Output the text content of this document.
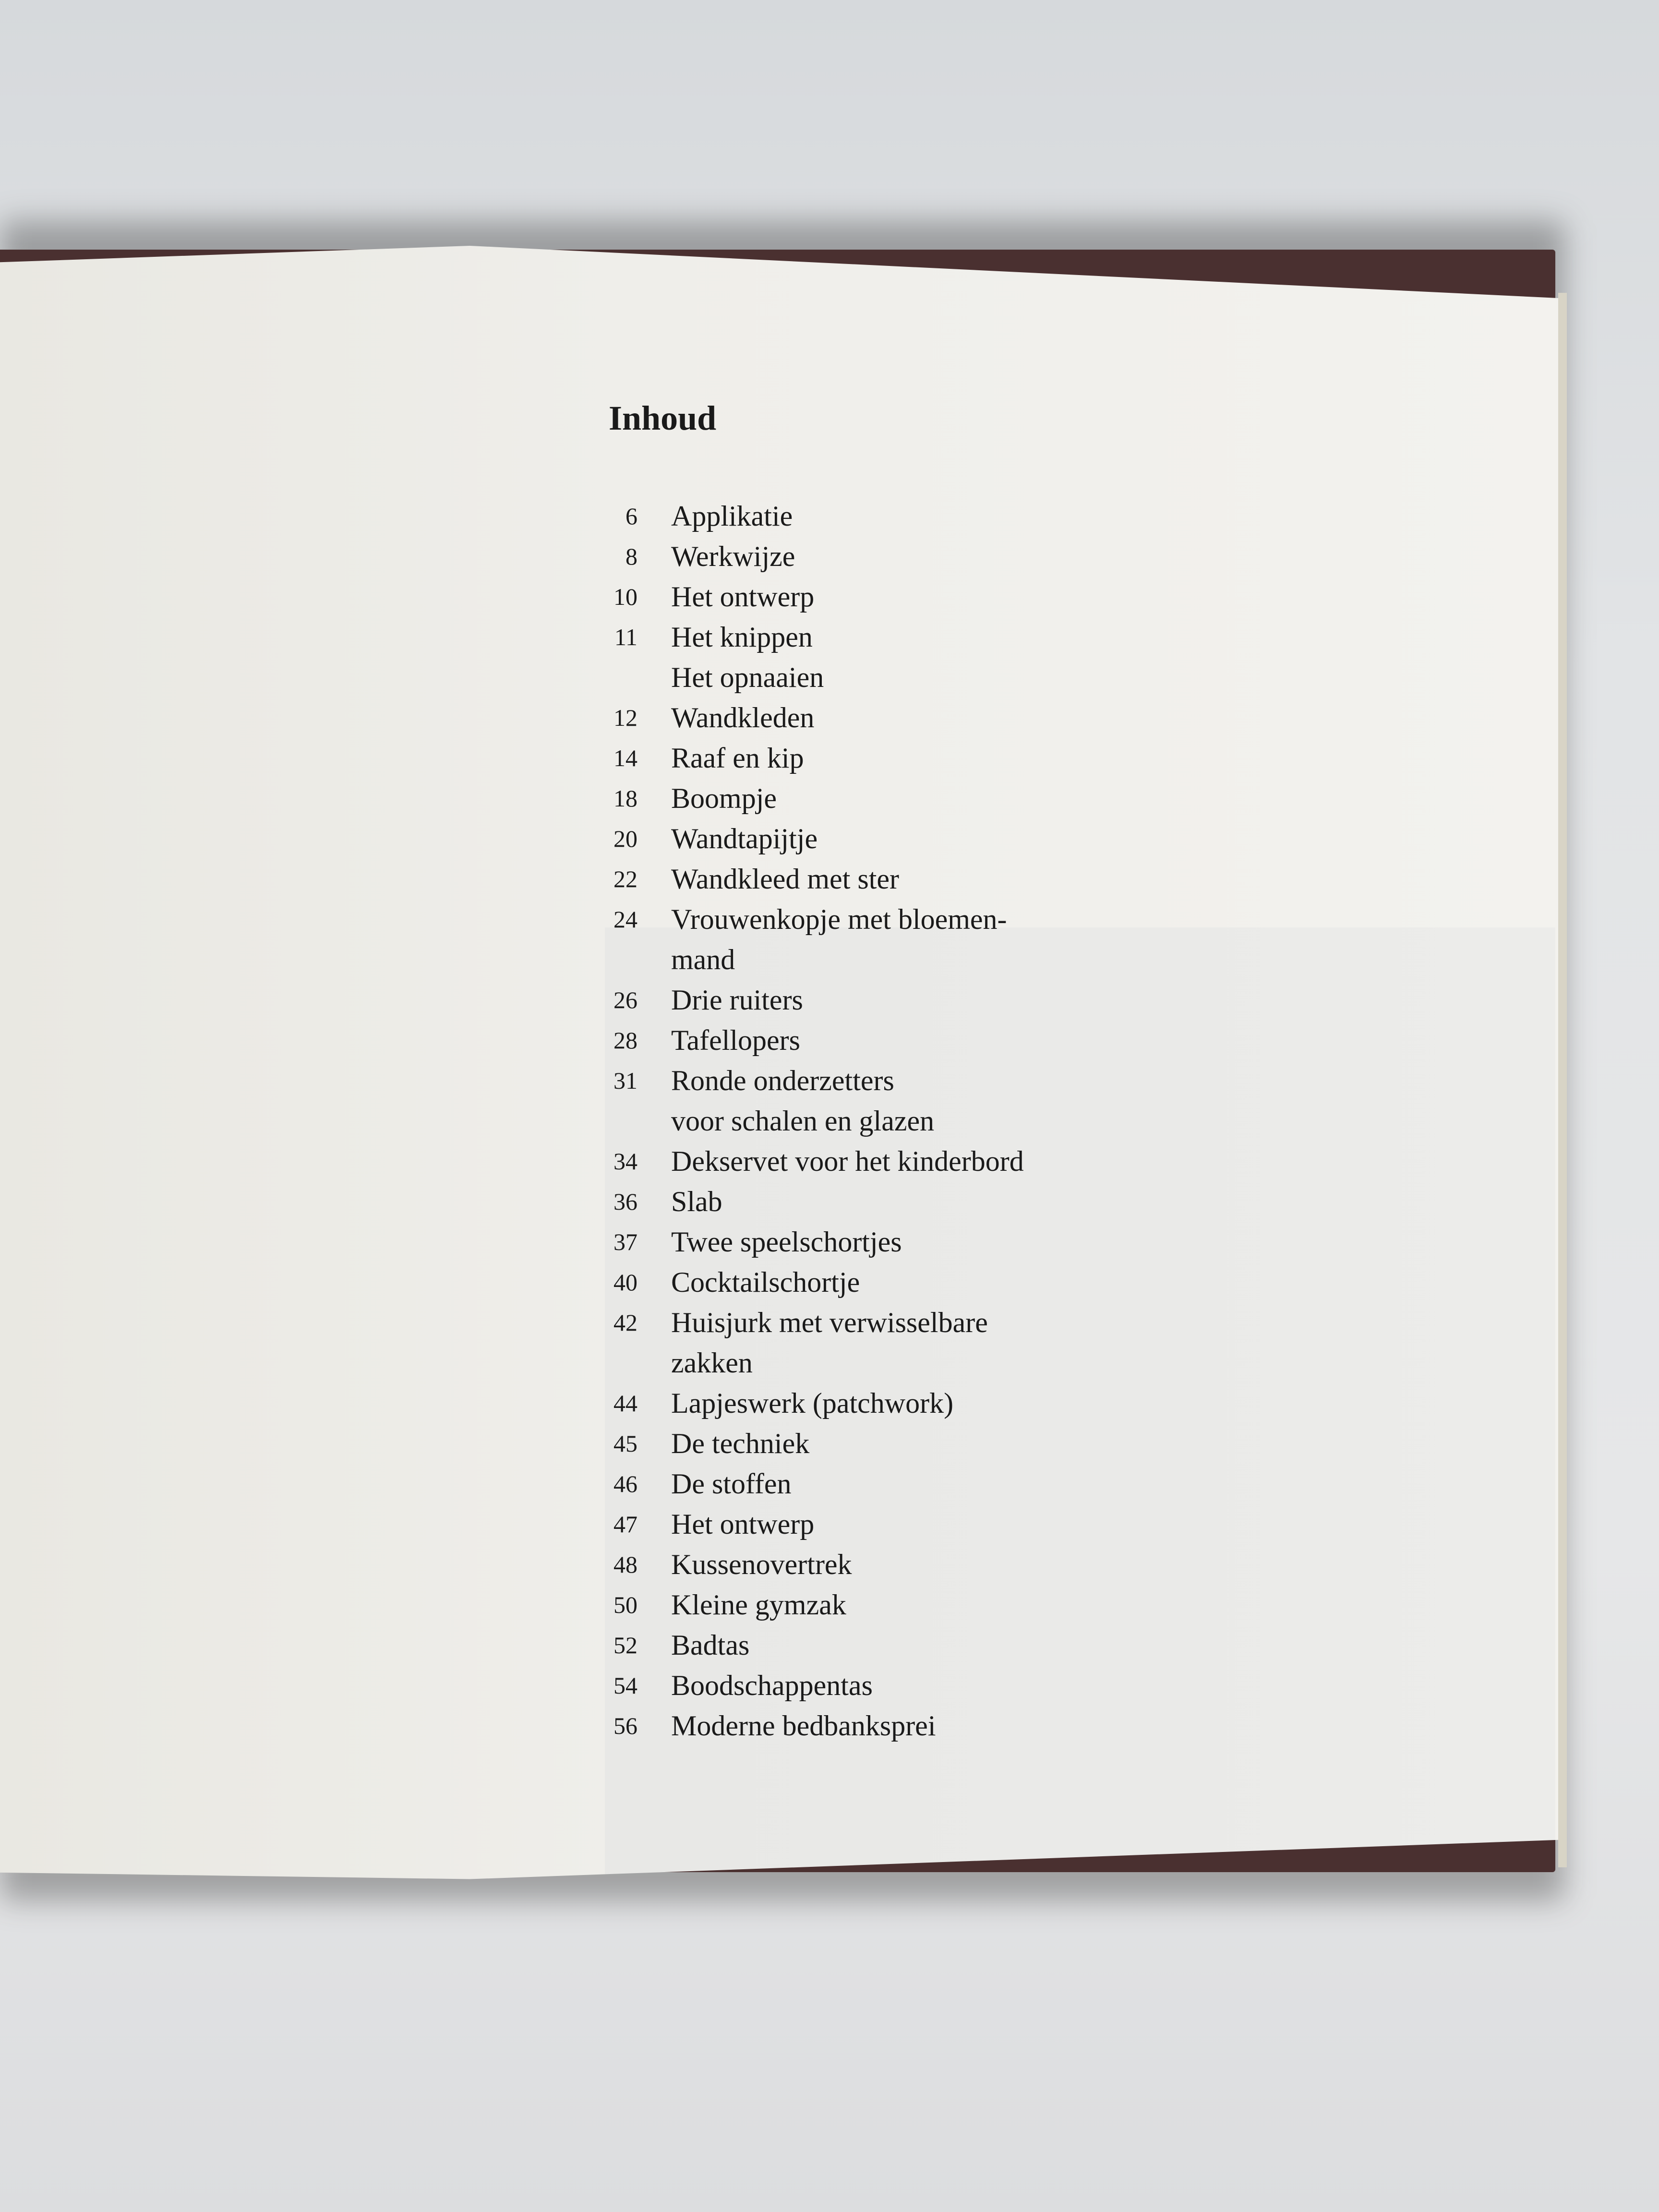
Inhoud
6 Applikatie
8 Werkwijze
10 Het ontwerp
11 Het knippen
Het opnaaien
12 Wandkleden
14 Raaf en kip
18 Boompje
20 Wandtapijtje
22 Wandkleed met ster
24 Vrouwenkopje met bloemen-
mand
26 Drie ruiters
28 Tafellopers
31 Ronde onderzetters
voor schalen en glazen
34 Dekservet voor het kinderbord
36 Slab
37 Twee speelschortjes
40 Cocktailschortje
42 Huisjurk met verwisselbare
zakken
44 Lapjeswerk (patchwork)
45 De techniek
46 De stoffen
47 Het ontwerp
48 Kussenovertrek
50 Kleine gymzak
52 Badtas
54 Boodschappentas
56 Moderne bedbanksprei
